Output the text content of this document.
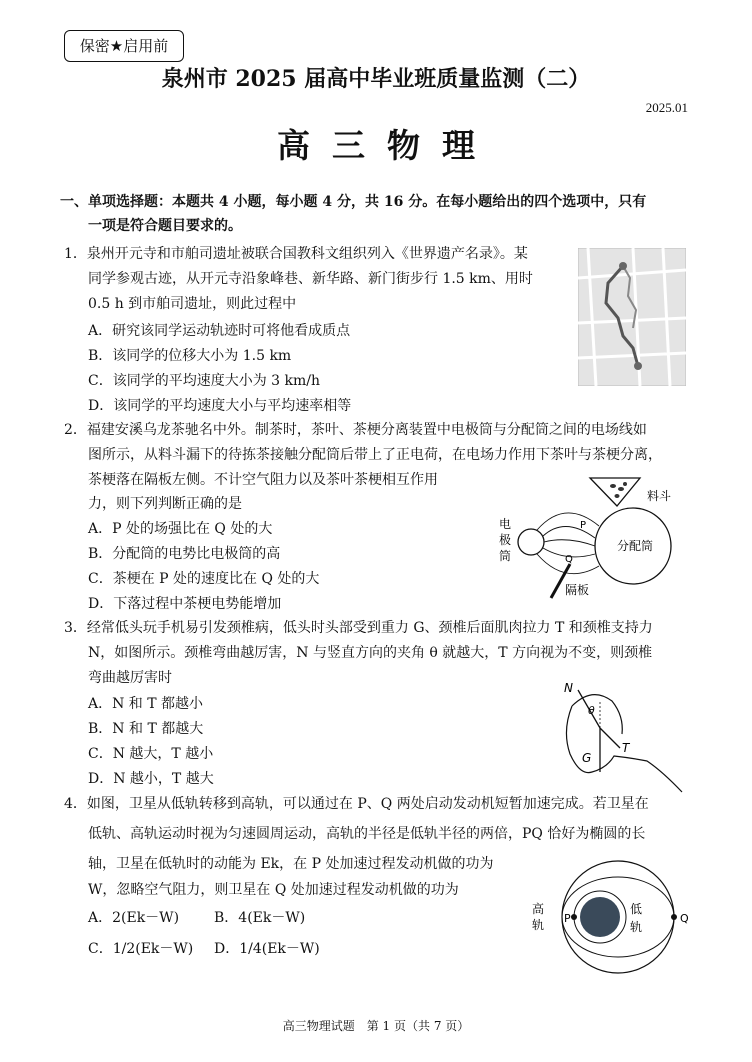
保密★启用前
泉州市 2025 届高中毕业班质量监测（二）
2025.01
高三物理
一、单项选择题：本题共 4 小题，每小题 4 分，共 16 分。在每小题给出的四个选项中，只有
一项是符合题目要求的。
1．泉州开元寺和市舶司遗址被联合国教科文组织列入《世界遗产名录》。某
同学参观古迹，从开元寺沿象峰巷、新华路、新门街步行 1.5 km、用时
0.5 h 到市舶司遗址，则此过程中
A．研究该同学运动轨迹时可将他看成质点
B．该同学的位移大小为 1.5 km
C．该同学的平均速度大小为 3 km/h
D．该同学的平均速度大小与平均速率相等
2．福建安溪乌龙茶驰名中外。制茶时，茶叶、茶梗分离装置中电极筒与分配筒之间的电场线如
图所示，从料斗漏下的待拣茶接触分配筒后带上了正电荷，在电场力作用下茶叶与茶梗分离，
茶梗落在隔板左侧。不计空气阻力以及茶叶茶梗相互作用
力，则下列判断正确的是
A．P 处的场强比在 Q 处的大
B．分配筒的电势比电极筒的高
C．茶梗在 P 处的速度比在 Q 处的大
D．下落过程中茶梗电势能增加
料斗
分配筒
电
极
筒
P
Q
隔板
3．经常低头玩手机易引发颈椎病，低头时头部受到重力 G、颈椎后面肌肉拉力 T 和颈椎支持力
N，如图所示。颈椎弯曲越厉害，N 与竖直方向的夹角 θ 就越大，T 方向视为不变，则颈椎
弯曲越厉害时
A．N 和 T 都越小
B．N 和 T 都越大
C．N 越大，T 越小
D．N 越小，T 越大
N
θ
G
T
4．如图，卫星从低轨转移到高轨，可以通过在 P、Q 两处启动发动机短暂加速完成。若卫星在
低轨、高轨运动时视为匀速圆周运动，高轨的半径是低轨半径的两倍，PQ 恰好为椭圆的长
轴，卫星在低轨时的动能为 Ek，在 P 处加速过程发动机做的功为
W，忽略空气阻力，则卫星在 Q 处加速过程发动机做的功为
A．2(Ek－W) B．4(Ek－W)
C．1/2(Ek－W) D．1/4(Ek－W)
高
轨 P	Q
低
轨
高三物理试题　第 1 页（共 7 页）
